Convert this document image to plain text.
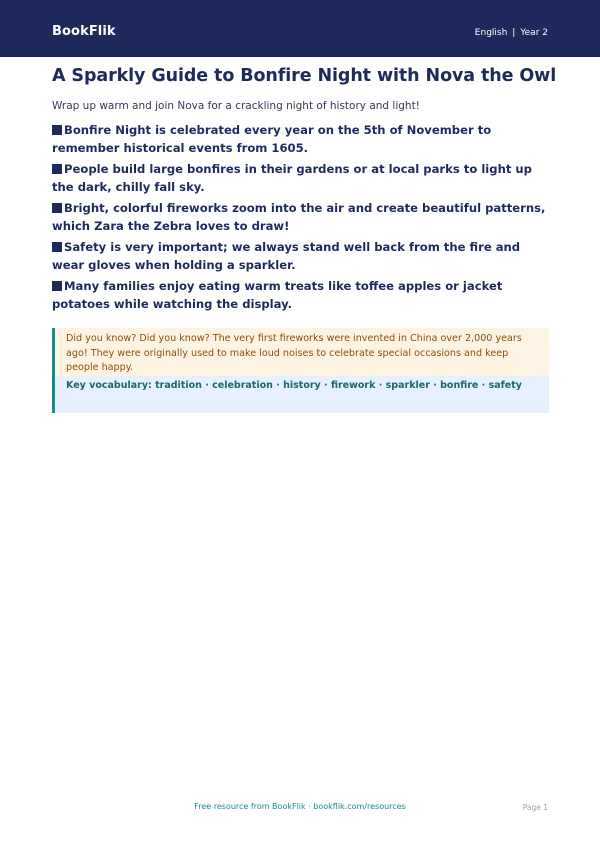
BookFlik	English | Year 2
A Sparkly Guide to Bonfire Night with Nova the Owl

Wrap up warm and join Nova for a crackling night of history and light!

Bonfire Night is celebrated every year on the 5th of November to remember historical events from 1605.
People build large bonfires in their gardens or at local parks to light up the dark, chilly fall sky.
Bright, colorful fireworks zoom into the air and create beautiful patterns, which Zara the Zebra loves to draw!
Safety is very important; we always stand well back from the fire and wear gloves when holding a sparkler.
Many families enjoy eating warm treats like toffee apples or jacket potatoes while watching the display.
Did you know? Did you know? The very first fireworks were invented in China over 2,000 years ago! They were originally used to make loud noises to celebrate special occasions and keep people happy.
Key vocabulary: tradition · celebration · history · firework · sparkler · bonfire · safety
Free resource from BookFlik · bookflik.com/resources	Page 1
